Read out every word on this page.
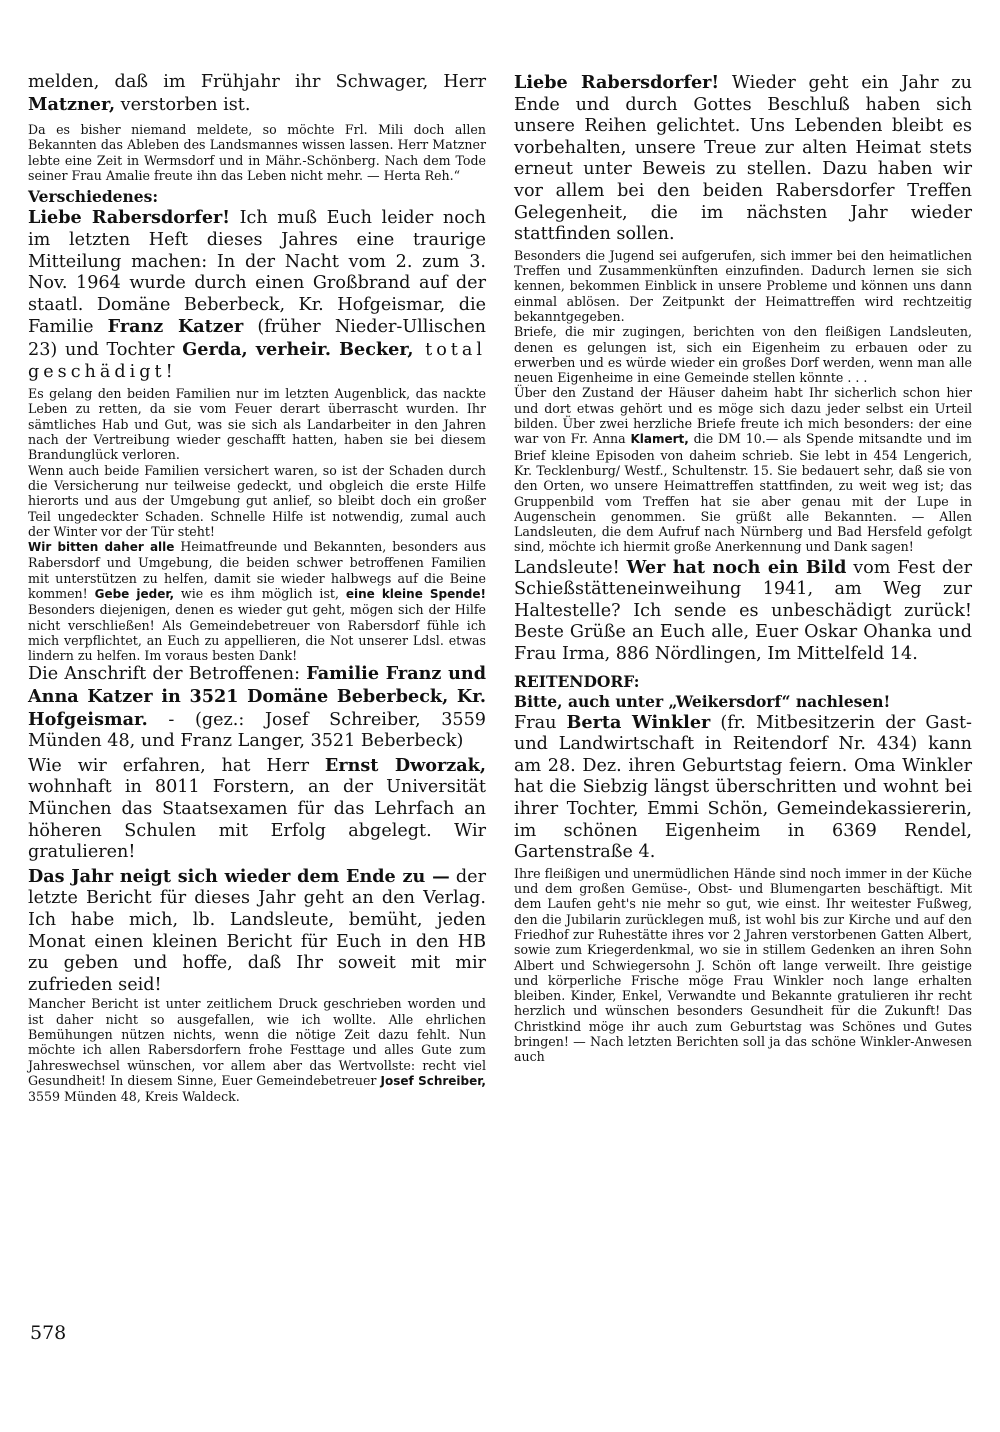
melden, daß im Frühjahr ihr Schwager, Herr Matzner, verstorben ist.

Da es bisher niemand meldete, so möchte Frl. Mili doch allen Bekannten das Ableben des Landsmannes wissen lassen. Herr Matzner lebte eine Zeit in Wermsdorf und in Mähr.-Schönberg. Nach dem Tode seiner Frau Amalie freute ihn das Leben nicht mehr. — Herta Reh.“

Verschiedenes:

Liebe Rabersdorfer! Ich muß Euch leider noch im letzten Heft dieses Jahres eine traurige Mitteilung machen: In der Nacht vom 2. zum 3. Nov. 1964 wurde durch einen Großbrand auf der staatl. Domäne Beberbeck, Kr. Hofgeismar, die Familie Franz Katzer (früher Nieder-Ullischen 23) und Tochter Gerda, verheir. Becker, total geschädigt!

Es gelang den beiden Familien nur im letzten Augenblick, das nackte Leben zu retten, da sie vom Feuer derart überrascht wurden. Ihr sämtliches Hab und Gut, was sie sich als Landarbeiter in den Jahren nach der Vertreibung wieder geschafft hatten, haben sie bei diesem Brandunglück verloren.

Wenn auch beide Familien versichert waren, so ist der Schaden durch die Versicherung nur teilweise gedeckt, und obgleich die erste Hilfe hierorts und aus der Umgebung gut anlief, so bleibt doch ein großer Teil ungedeckter Schaden. Schnelle Hilfe ist notwendig, zumal auch der Winter vor der Tür steht!

Wir bitten daher alle Heimatfreunde und Bekannten, besonders aus Rabersdorf und Umgebung, die beiden schwer betroffenen Familien mit unterstützen zu helfen, damit sie wieder halbwegs auf die Beine kommen! Gebe jeder, wie es ihm möglich ist, eine kleine Spende! Besonders diejenigen, denen es wieder gut geht, mögen sich der Hilfe nicht verschließen! Als Gemeindebetreuer von Rabersdorf fühle ich mich verpflichtet, an Euch zu appellieren, die Not unserer Ldsl. etwas lindern zu helfen. Im voraus besten Dank!

Die Anschrift der Betroffenen: Familie Franz und Anna Katzer in 3521 Domäne Beberbeck, Kr. Hofgeismar. - (gez.: Josef Schreiber, 3559 Münden 48, und Franz Langer, 3521 Beberbeck)

Wie wir erfahren, hat Herr Ernst Dworzak, wohnhaft in 8011 Forstern, an der Universität München das Staatsexamen für das Lehrfach an höheren Schulen mit Erfolg abgelegt. Wir gratulieren!

Das Jahr neigt sich wieder dem Ende zu — der letzte Bericht für dieses Jahr geht an den Verlag. Ich habe mich, lb. Landsleute, bemüht, jeden Monat einen kleinen Bericht für Euch in den HB zu geben und hoffe, daß Ihr soweit mit mir zufrieden seid!

Mancher Bericht ist unter zeitlichem Druck geschrieben worden und ist daher nicht so ausgefallen, wie ich wollte. Alle ehrlichen Bemühungen nützen nichts, wenn die nötige Zeit dazu fehlt. Nun möchte ich allen Rabersdorfern frohe Festtage und alles Gute zum Jahreswechsel wünschen, vor allem aber das Wertvollste: recht viel Gesundheit! In diesem Sinne, Euer Gemeindebetreuer Josef Schreiber, 3559 Münden 48, Kreis Waldeck.

Liebe Rabersdorfer! Wieder geht ein Jahr zu Ende und durch Gottes Beschluß haben sich unsere Reihen gelichtet. Uns Lebenden bleibt es vorbehalten, unsere Treue zur alten Heimat stets erneut unter Beweis zu stellen. Dazu haben wir vor allem bei den beiden Rabersdorfer Treffen Gelegenheit, die im nächsten Jahr wieder stattfinden sollen.

Besonders die Jugend sei aufgerufen, sich immer bei den heimatlichen Treffen und Zusammenkünften einzufinden. Dadurch lernen sie sich kennen, bekommen Einblick in unsere Probleme und können uns dann einmal ablösen. Der Zeitpunkt der Heimattreffen wird rechtzeitig bekanntgegeben.

Briefe, die mir zugingen, berichten von den fleißigen Landsleuten, denen es gelungen ist, sich ein Eigenheim zu erbauen oder zu erwerben und es würde wieder ein großes Dorf werden, wenn man alle neuen Eigenheime in eine Gemeinde stellen könnte . . .

Über den Zustand der Häuser daheim habt Ihr sicherlich schon hier und dort etwas gehört und es möge sich dazu jeder selbst ein Urteil bilden. Über zwei herzliche Briefe freute ich mich besonders: der eine war von Fr. Anna Klamert, die DM 10.— als Spende mitsandte und im Brief kleine Episoden von daheim schrieb. Sie lebt in 454 Lengerich, Kr. Tecklenburg/ Westf., Schultenstr. 15. Sie bedauert sehr, daß sie von den Orten, wo unsere Heimattreffen stattfinden, zu weit weg ist; das Gruppenbild vom Treffen hat sie aber genau mit der Lupe in Augenschein genommen. Sie grüßt alle Bekannten. — Allen Landsleuten, die dem Aufruf nach Nürnberg und Bad Hersfeld gefolgt sind, möchte ich hiermit große Anerkennung und Dank sagen!

Landsleute! Wer hat noch ein Bild vom Fest der Schießstätteneinweihung 1941, am Weg zur Haltestelle? Ich sende es unbeschädigt zurück! Beste Grüße an Euch alle, Euer Oskar Ohanka und Frau Irma, 886 Nördlingen, Im Mittelfeld 14.

REITENDORF:

Bitte, auch unter „Weikersdorf“ nachlesen!

Frau Berta Winkler (fr. Mitbesitzerin der Gast- und Landwirtschaft in Reitendorf Nr. 434) kann am 28. Dez. ihren Geburtstag feiern. Oma Winkler hat die Siebzig längst überschritten und wohnt bei ihrer Tochter, Emmi Schön, Gemeindekassiererin, im schönen Eigenheim in 6369 Rendel, Gartenstraße 4.

Ihre fleißigen und unermüdlichen Hände sind noch immer in der Küche und dem großen Gemüse-, Obst- und Blumengarten beschäftigt. Mit dem Laufen geht's nie mehr so gut, wie einst. Ihr weitester Fußweg, den die Jubilarin zurücklegen muß, ist wohl bis zur Kirche und auf den Friedhof zur Ruhestätte ihres vor 2 Jahren verstorbenen Gatten Albert, sowie zum Kriegerdenkmal, wo sie in stillem Gedenken an ihren Sohn Albert und Schwiegersohn J. Schön oft lange verweilt. Ihre geistige und körperliche Frische möge Frau Winkler noch lange erhalten bleiben. Kinder, Enkel, Verwandte und Bekannte gratulieren ihr recht herzlich und wünschen besonders Gesundheit für die Zukunft! Das Christkind möge ihr auch zum Geburtstag was Schönes und Gutes bringen! — Nach letzten Berichten soll ja das schöne Winkler-Anwesen auch

578
